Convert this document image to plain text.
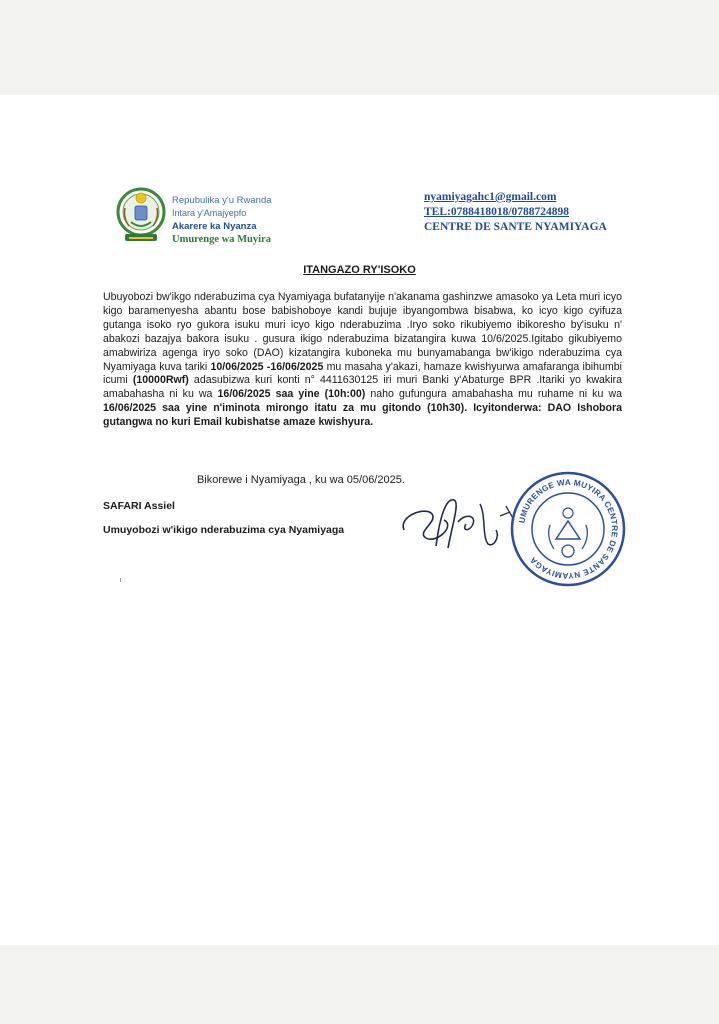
Repubulika y'u Rwanda
Intara y'Amajyepfo
Akarere ka Nyanza
Umurenge wa Muyira
nyamiyagahc1@gmail.com
TEL:0788418018/0788724898
CENTRE DE SANTE NYAMIYAGA
ITANGAZO RY'ISOKO
Ubuyobozi bw'ikgo nderabuzima cya Nyamiyaga bufatanyije n'akanama gashinzwe amasoko ya Leta muri icyo kigo baramenyesha abantu bose babishoboye kandi bujuje ibyangombwa bisabwa, ko icyo kigo cyifuza gutanga isoko ryo gukora isuku muri icyo kigo nderabuzima .Iryo soko rikubiyemo ibikoresho by'isuku n' abakozi bazajya bakora isuku . gusura ikigo nderabuzima bizatangira kuwa 10/6/2025.Igitabo gikubiyemo amabwiriza agenga iryo soko (DAO) kizatangira kuboneka mu bunyamabanga bw'ikigo nderabuzima cya Nyamiyaga kuva tariki 10/06/2025 -16/06/2025 mu masaha y'akazi, hamaze kwishyurwa amafaranga ibihumbi icumi (10000Rwf) adasubizwa kuri konti n° 4411630125 iri muri Banki y'Abaturge BPR .Itariki yo kwakira amabahasha ni ku wa 16/06/2025 saa yine (10h:00) naho gufungura amabahasha mu ruhame ni ku wa 16/06/2025 saa yine n'iminota mirongo itatu za mu gitondo (10h30). Icyitonderwa: DAO Ishobora gutangwa no kuri Email kubishatse amaze kwishyura.
Bikorewe i Nyamiyaga , ku wa 05/06/2025.
SAFARI Assiel
Umuyobozi w'ikigo nderabuzima cya Nyamiyaga
UMURENGE WA MUYIRA CENTRE DE SANTE NYAMIYAGA
